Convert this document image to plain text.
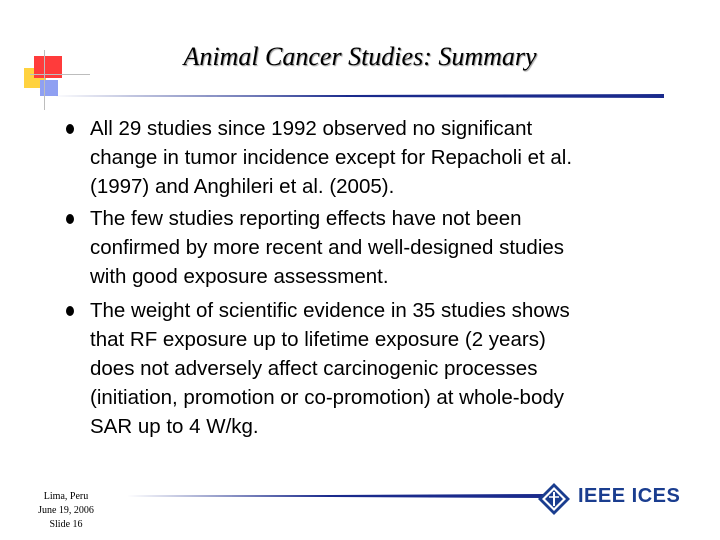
Animal Cancer Studies: Summary
All 29 studies since 1992 observed no significant
change in tumor incidence except for Repacholi et al.
(1997) and Anghileri et al. (2005).
The few studies reporting effects have not been
confirmed by more recent and well-designed studies
with good exposure assessment.
The weight of scientific evidence in 35 studies shows
that RF exposure up to lifetime exposure (2 years)
does not adversely affect carcinogenic processes
(initiation, promotion or co-promotion) at whole-body
SAR up to 4 W/kg.
Lima, Peru
June 19, 2006
Slide 16
IEEE ICES
